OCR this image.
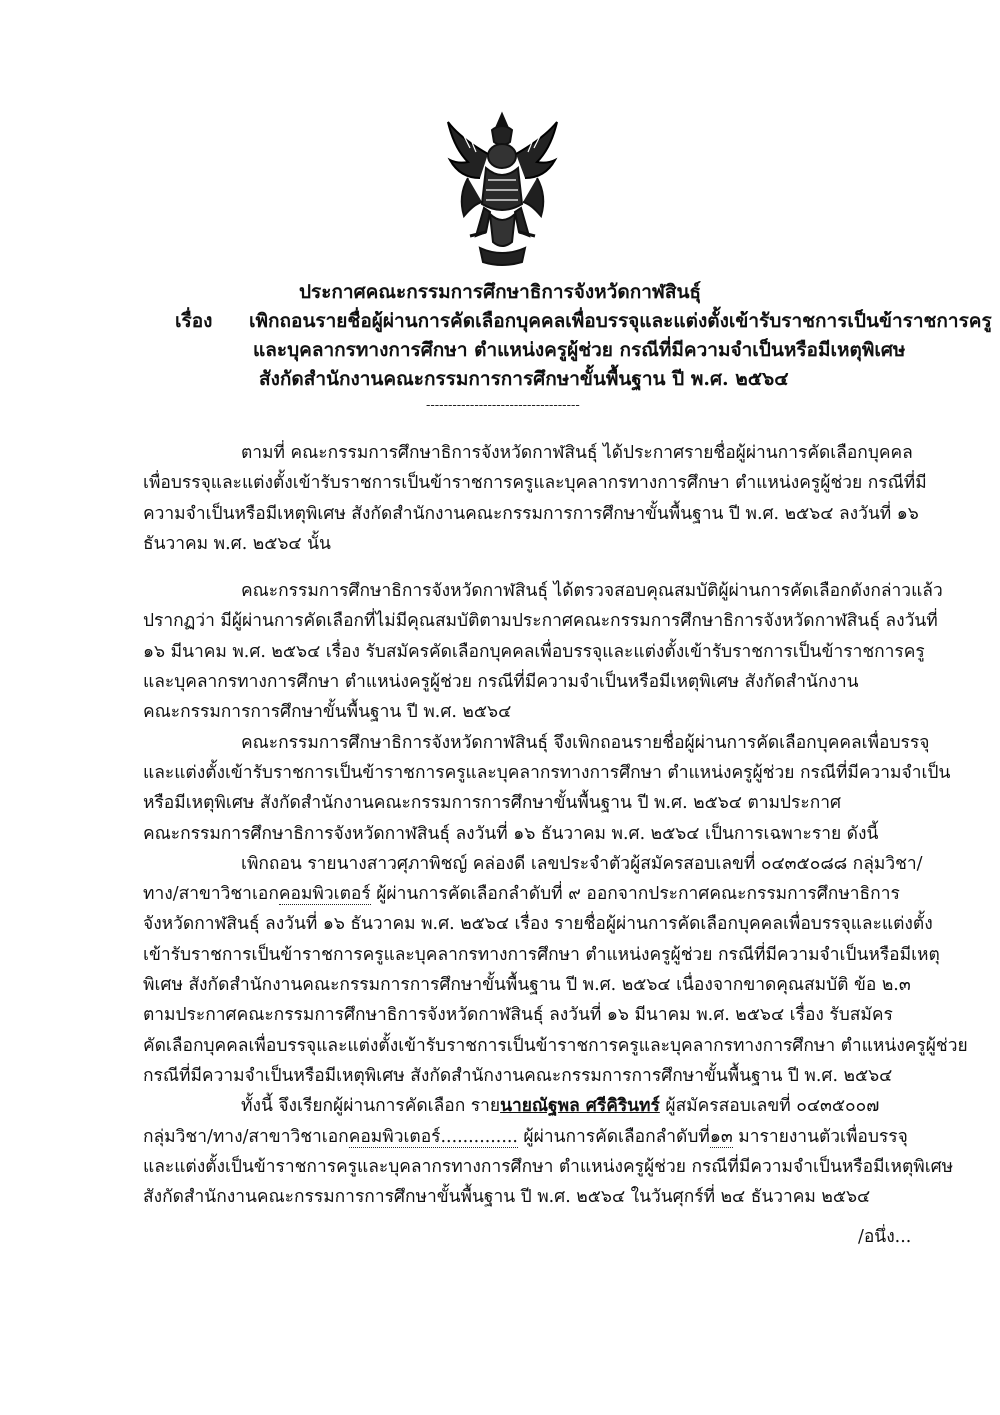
ประกาศคณะกรรมการศึกษาธิการจังหวัดกาฬสินธุ์
เรื่อง เพิกถอนรายชื่อผู้ผ่านการคัดเลือกบุคคลเพื่อบรรจุและแต่งตั้งเข้ารับราชการเป็นข้าราชการครู
และบุคลากรทางการศึกษา ตำแหน่งครูผู้ช่วย กรณีที่มีความจำเป็นหรือมีเหตุพิเศษ
สังกัดสำนักงานคณะกรรมการการศึกษาขั้นพื้นฐาน ปี พ.ศ. ๒๕๖๔
-----------------------------------
ตามที่ คณะกรรมการศึกษาธิการจังหวัดกาฬสินธุ์ ได้ประกาศรายชื่อผู้ผ่านการคัดเลือกบุคคล
เพื่อบรรจุและแต่งตั้งเข้ารับราชการเป็นข้าราชการครูและบุคลากรทางการศึกษา ตำแหน่งครูผู้ช่วย กรณีที่มี
ความจำเป็นหรือมีเหตุพิเศษ สังกัดสำนักงานคณะกรรมการการศึกษาขั้นพื้นฐาน ปี พ.ศ. ๒๕๖๔ ลงวันที่ ๑๖
ธันวาคม พ.ศ. ๒๕๖๔ นั้น
คณะกรรมการศึกษาธิการจังหวัดกาฬสินธุ์ ได้ตรวจสอบคุณสมบัติผู้ผ่านการคัดเลือกดังกล่าวแล้ว
ปรากฏว่า มีผู้ผ่านการคัดเลือกที่ไม่มีคุณสมบัติตามประกาศคณะกรรมการศึกษาธิการจังหวัดกาฬสินธุ์ ลงวันที่
๑๖ มีนาคม พ.ศ. ๒๕๖๔ เรื่อง รับสมัครคัดเลือกบุคคลเพื่อบรรจุและแต่งตั้งเข้ารับราชการเป็นข้าราชการครู
และบุคลากรทางการศึกษา ตำแหน่งครูผู้ช่วย กรณีที่มีความจำเป็นหรือมีเหตุพิเศษ สังกัดสำนักงาน
คณะกรรมการการศึกษาขั้นพื้นฐาน ปี พ.ศ. ๒๕๖๔
คณะกรรมการศึกษาธิการจังหวัดกาฬสินธุ์ จึงเพิกถอนรายชื่อผู้ผ่านการคัดเลือกบุคคลเพื่อบรรจุ
และแต่งตั้งเข้ารับราชการเป็นข้าราชการครูและบุคลากรทางการศึกษา ตำแหน่งครูผู้ช่วย กรณีที่มีความจำเป็น
หรือมีเหตุพิเศษ สังกัดสำนักงานคณะกรรมการการศึกษาขั้นพื้นฐาน ปี พ.ศ. ๒๕๖๔ ตามประกาศ
คณะกรรมการศึกษาธิการจังหวัดกาฬสินธุ์ ลงวันที่ ๑๖ ธันวาคม พ.ศ. ๒๕๖๔ เป็นการเฉพาะราย ดังนี้
เพิกถอน รายนางสาวศุภาพิชญ์ คล่องดี เลขประจำตัวผู้สมัครสอบเลขที่ ๐๔๓๕๐๘๘ กลุ่มวิชา/
ทาง/สาขาวิชาเอกคอมพิวเตอร์ ผู้ผ่านการคัดเลือกลำดับที่ ๙ ออกจากประกาศคณะกรรมการศึกษาธิการ
จังหวัดกาฬสินธุ์ ลงวันที่ ๑๖ ธันวาคม พ.ศ. ๒๕๖๔ เรื่อง รายชื่อผู้ผ่านการคัดเลือกบุคคลเพื่อบรรจุและแต่งตั้ง
เข้ารับราชการเป็นข้าราชการครูและบุคลากรทางการศึกษา ตำแหน่งครูผู้ช่วย กรณีที่มีความจำเป็นหรือมีเหตุ
พิเศษ สังกัดสำนักงานคณะกรรมการการศึกษาขั้นพื้นฐาน ปี พ.ศ. ๒๕๖๔ เนื่องจากขาดคุณสมบัติ ข้อ ๒.๓
ตามประกาศคณะกรรมการศึกษาธิการจังหวัดกาฬสินธุ์ ลงวันที่ ๑๖ มีนาคม พ.ศ. ๒๕๖๔ เรื่อง รับสมัคร
คัดเลือกบุคคลเพื่อบรรจุและแต่งตั้งเข้ารับราชการเป็นข้าราชการครูและบุคลากรทางการศึกษา ตำแหน่งครูผู้ช่วย
กรณีที่มีความจำเป็นหรือมีเหตุพิเศษ สังกัดสำนักงานคณะกรรมการการศึกษาขั้นพื้นฐาน ปี พ.ศ. ๒๕๖๔
ทั้งนี้ จึงเรียกผู้ผ่านการคัดเลือก รายนายณัฐพล ศรีคิรินทร์ ผู้สมัครสอบเลขที่ ๐๔๓๕๐๐๗
กลุ่มวิชา/ทาง/สาขาวิชาเอกคอมพิวเตอร์.............. ผู้ผ่านการคัดเลือกลำดับที่๑๓ มารายงานตัวเพื่อบรรจุ
และแต่งตั้งเป็นข้าราชการครูและบุคลากรทางการศึกษา ตำแหน่งครูผู้ช่วย กรณีที่มีความจำเป็นหรือมีเหตุพิเศษ
สังกัดสำนักงานคณะกรรมการการศึกษาขั้นพื้นฐาน ปี พ.ศ. ๒๕๖๔ ในวันศุกร์ที่ ๒๔ ธันวาคม ๒๕๖๔
/อนึ่ง...
